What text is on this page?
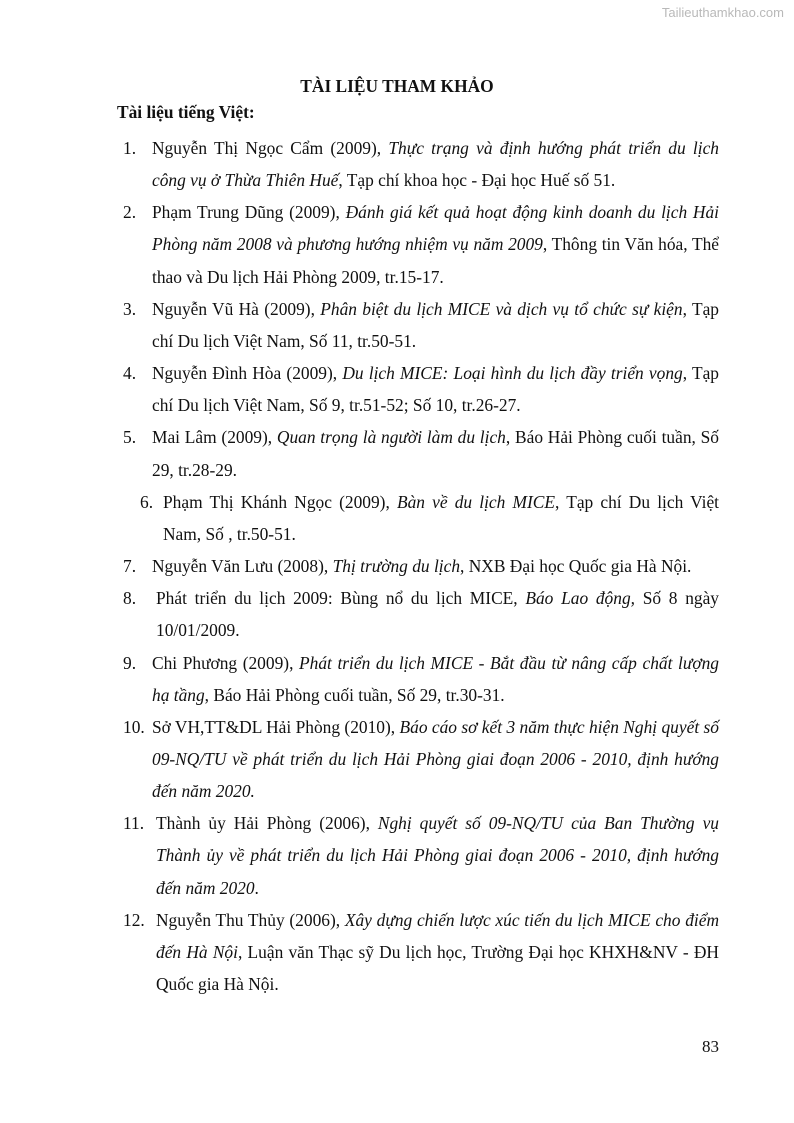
Tailieuthamkhao.com
TÀI LIỆU THAM KHẢO
Tài liệu tiếng Việt:
1. Nguyễn Thị Ngọc Cẩm (2009), Thực trạng và định hướng phát triển du lịch công vụ ở Thừa Thiên Huế, Tạp chí khoa học - Đại học Huế số 51.
2. Phạm Trung Dũng (2009), Đánh giá kết quả hoạt động kinh doanh du lịch Hải Phòng năm 2008 và phương hướng nhiệm vụ năm 2009, Thông tin Văn hóa, Thể thao và Du lịch Hải Phòng 2009, tr.15-17.
3. Nguyễn Vũ Hà (2009), Phân biệt du lịch MICE và dịch vụ tổ chức sự kiện, Tạp chí Du lịch Việt Nam, Số 11, tr.50-51.
4. Nguyễn Đình Hòa (2009), Du lịch MICE: Loại hình du lịch đầy triển vọng, Tạp chí Du lịch Việt Nam, Số 9, tr.51-52; Số 10, tr.26-27.
5. Mai Lâm (2009), Quan trọng là người làm du lịch, Báo Hải Phòng cuối tuần, Số 29, tr.28-29.
6. Phạm Thị Khánh Ngọc (2009), Bàn về du lịch MICE, Tạp chí Du lịch Việt Nam, Số , tr.50-51.
7. Nguyễn Văn Lưu (2008), Thị trường du lịch, NXB Đại học Quốc gia Hà Nội.
8. Phát triển du lịch 2009: Bùng nổ du lịch MICE, Báo Lao động, Số 8 ngày 10/01/2009.
9. Chi Phương (2009), Phát triển du lịch MICE - Bắt đầu từ nâng cấp chất lượng hạ tầng, Báo Hải Phòng cuối tuần, Số 29, tr.30-31.
10. Sở VH,TT&DL Hải Phòng (2010), Báo cáo sơ kết 3 năm thực hiện Nghị quyết số 09-NQ/TU về phát triển du lịch Hải Phòng giai đoạn 2006 - 2010, định hướng đến năm 2020.
11. Thành ủy Hải Phòng (2006), Nghị quyết số 09-NQ/TU của Ban Thường vụ Thành ủy về phát triển du lịch Hải Phòng giai đoạn 2006 - 2010, định hướng đến năm 2020.
12. Nguyễn Thu Thủy (2006), Xây dựng chiến lược xúc tiến du lịch MICE cho điểm đến Hà Nội, Luận văn Thạc sỹ Du lịch học, Trường Đại học KHXH&NV - ĐH Quốc gia Hà Nội.
83
